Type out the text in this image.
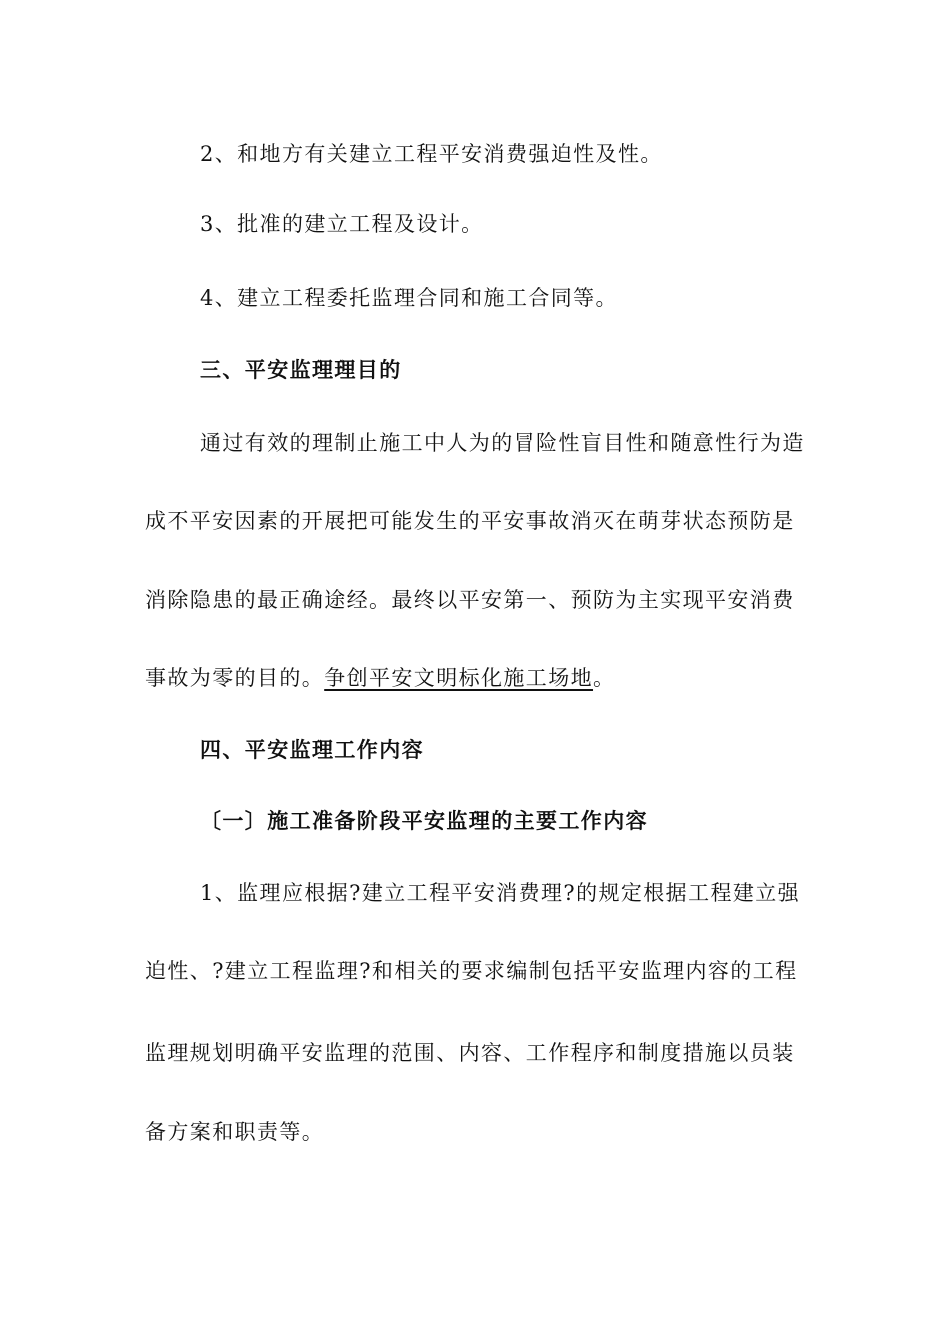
2、和地方有关建立工程平安消费强迫性及性。
3、批准的建立工程及设计。
4、建立工程委托监理合同和施工合同等。
三、平安监理理目的
通过有效的理制止施工中人为的冒险性盲目性和随意性行为造
成不平安因素的开展把可能发生的平安事故消灭在萌芽状态预防是
消除隐患的最正确途经。最终以平安第一、预防为主实现平安消费
事故为零的目的。争创平安文明标化施工场地。
四、平安监理工作内容
〔一〕施工准备阶段平安监理的主要工作内容
1、监理应根据?建立工程平安消费理?的规定根据工程建立强
迫性、?建立工程监理?和相关的要求编制包括平安监理内容的工程
监理规划明确平安监理的范围、内容、工作程序和制度措施以员装
备方案和职责等。
